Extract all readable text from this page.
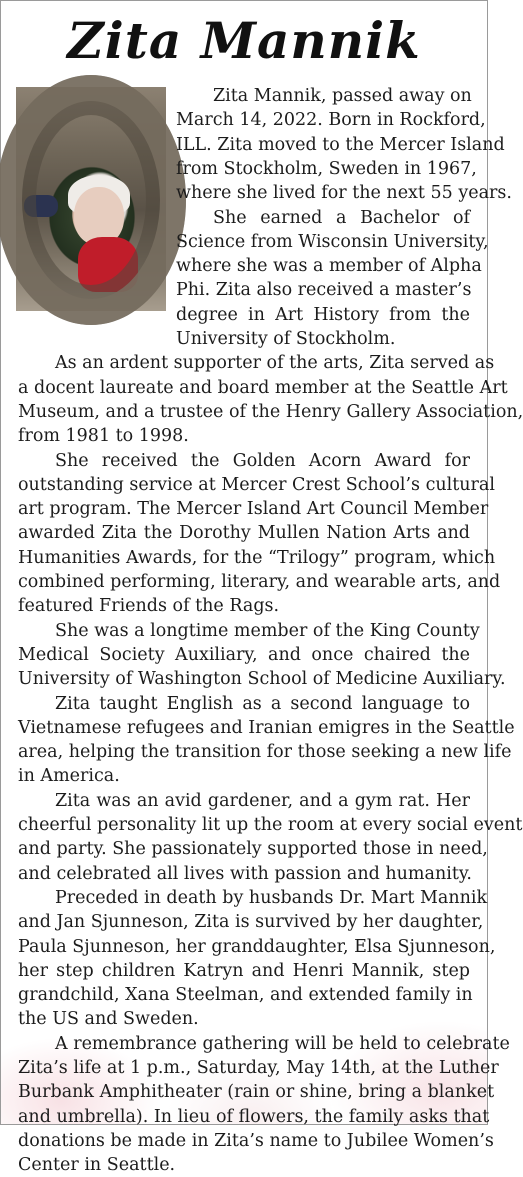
Zita Mannik
Zita Mannik, passed away on
March 14, 2022. Born in Rockford,
ILL. Zita moved to the Mercer Island
from Stockholm, Sweden in 1967,
where she lived for the next 55 years.
She earned a Bachelor of
Science from Wisconsin University,
where she was a member of Alpha
Phi. Zita also received a master’s
degree in Art History from the
University of Stockholm.
As an ardent supporter of the arts, Zita served as
a docent laureate and board member at the Seattle Art
Museum, and a trustee of the Henry Gallery Association,
from 1981 to 1998.
She received the Golden Acorn Award for
outstanding service at Mercer Crest School’s cultural
art program. The Mercer Island Art Council Member
awarded Zita the Dorothy Mullen Nation Arts and
Humanities Awards, for the “Trilogy” program, which
combined performing, literary, and wearable arts, and
featured Friends of the Rags.
She was a longtime member of the King County
Medical Society Auxiliary, and once chaired the
University of Washington School of Medicine Auxiliary.
Zita taught English as a second language to
Vietnamese refugees and Iranian emigres in the Seattle
area, helping the transition for those seeking a new life
in America.
Zita was an avid gardener, and a gym rat. Her
cheerful personality lit up the room at every social event
and party. She passionately supported those in need,
and celebrated all lives with passion and humanity.
Preceded in death by husbands Dr. Mart Mannik
and Jan Sjunneson, Zita is survived by her daughter,
Paula Sjunneson, her granddaughter, Elsa Sjunneson,
her step children Katryn and Henri Mannik, step
grandchild, Xana Steelman, and extended family in
the US and Sweden.
A remembrance gathering will be held to celebrate
Zita’s life at 1 p.m., Saturday, May 14th, at the Luther
Burbank Amphitheater (rain or shine, bring a blanket
and umbrella). In lieu of flowers, the family asks that
donations be made in Zita’s name to Jubilee Women’s
Center in Seattle.
